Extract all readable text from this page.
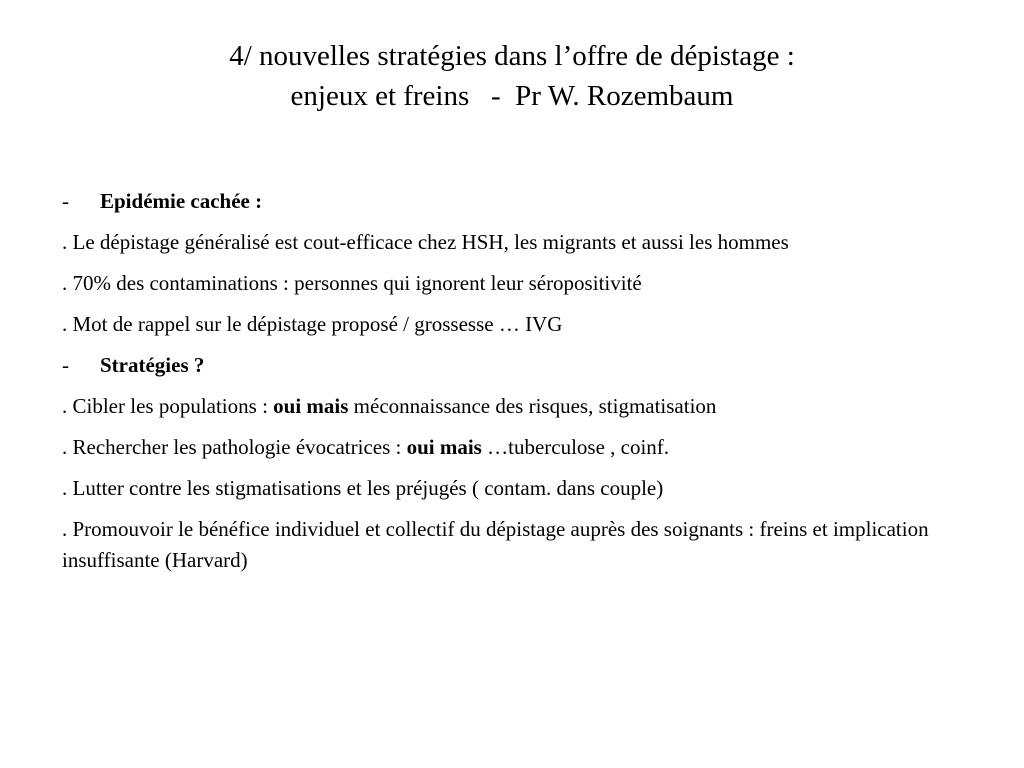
4/ nouvelles stratégies dans l’offre de dépistage :
enjeux et freins   -  Pr W. Rozembaum
-	Epidémie cachée :

. Le dépistage généralisé est cout-efficace chez HSH, les migrants et aussi les hommes

. 70% des contaminations : personnes qui ignorent leur séropositivité

. Mot de rappel sur le dépistage proposé / grossesse … IVG

-	Stratégies ?

. Cibler les populations : oui mais méconnaissance des risques, stigmatisation

. Rechercher les pathologie évocatrices : oui mais …tuberculose , coinf.

. Lutter contre les stigmatisations et les préjugés ( contam. dans couple)

. Promouvoir le bénéfice individuel et collectif du dépistage auprès des soignants : freins et implication insuffisante (Harvard)
